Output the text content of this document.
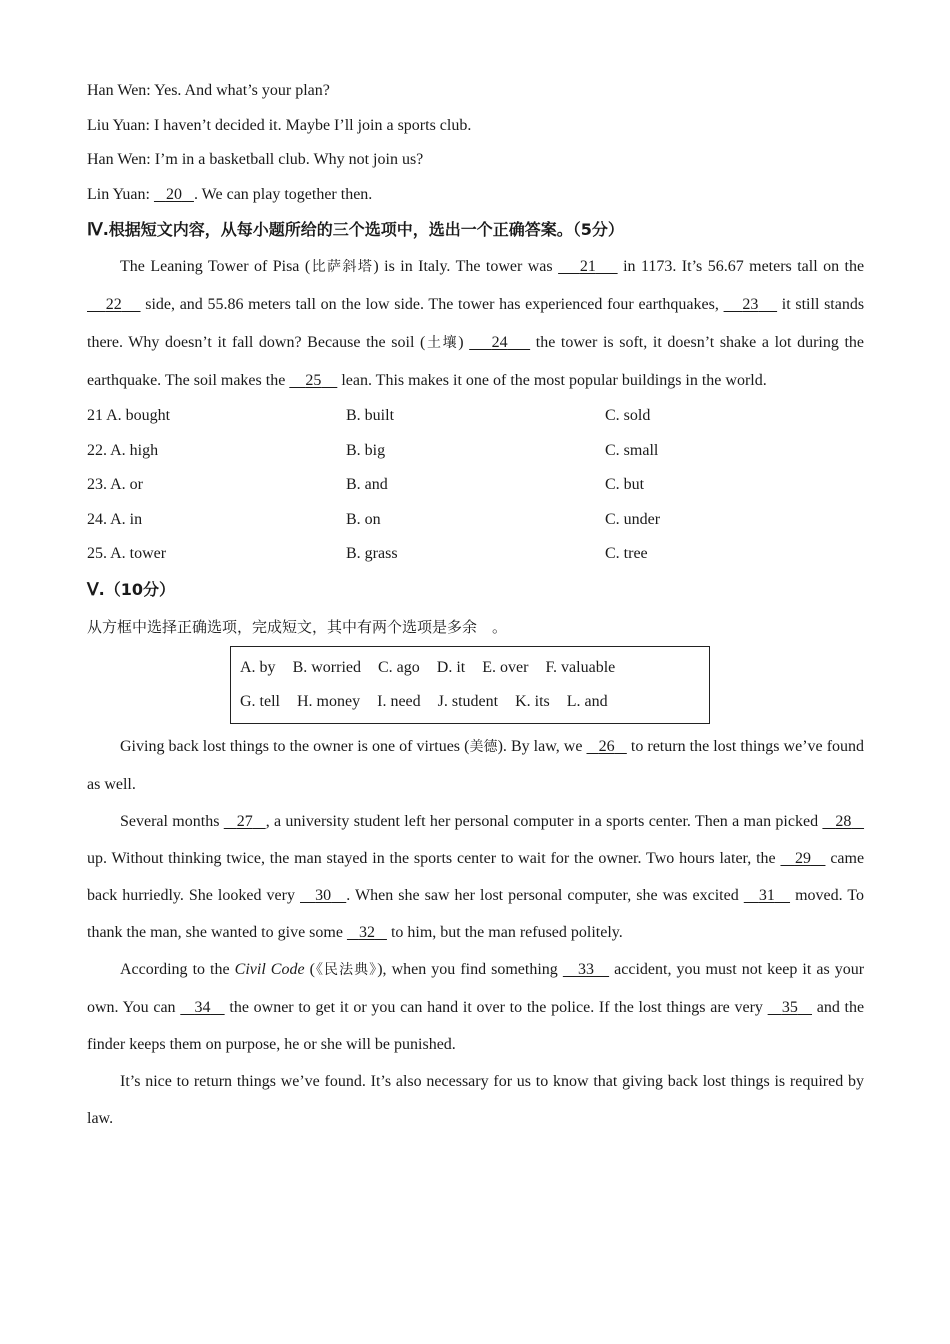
Han Wen: Yes. And what’s your plan?
Liu Yuan: I haven’t decided it. Maybe I’ll join a sports club.
Han Wen: I’m in a basketball club. Why not join us?
Lin Yuan: 20 . We can play together then.
Ⅳ.根据短文内容，从每小题所给的三个选项中，选出一个正确答案。（5分）

The Leaning Tower of Pisa (比萨斜塔) is in Italy. The tower was 21 in 1173. It’s 56.67 meters tall on the     22 side, and 55.86 meters tall on the low side. The tower has experienced four earthquakes, 23 it still stands there. Why doesn’t it fall down? Because the soil (土壤) 24 the tower is soft, it doesn’t shake a lot during the earthquake. The soil makes the 25 lean. This makes it one of the most popular buildings in the world.

21 A. bought	B. built	C. sold
22. A. high	B. big	C. small
23. A. or	B. and	C. but
24. A. in	B. on	C. under
25. A. tower	B. grass	C. tree
Ⅴ.（10分）
从方框中选择正确选项，完成短文，其中有两个选项是多余　。
A. by B. worried C. ago D. it E. over F. valuable
G. tell H. money I. need J. student K. its L. and

Giving back lost things to the owner is one of virtues (美德). By law, we 26 to return the lost things we’ve found as well.

Several months 27 , a university student left her personal computer in a sports center. Then a man picked 28    up. Without thinking twice, the man stayed in the sports center to wait for the owner. Two hours later, the 29 came back hurriedly. She looked very 30 . When she saw her lost personal computer, she was excited 31 moved. To thank the man, she wanted to give some 32 to him, but the man refused politely.

According to the Civil Code (《民法典》), when you find something 33 accident, you must not keep it as your own. You can 34 the owner to get it or you can hand it over to the police. If the lost things are very 35 and the finder keeps them on purpose, he or she will be punished.

It’s nice to return things we’ve found. It’s also necessary for us to know that giving back lost things is required by law.
